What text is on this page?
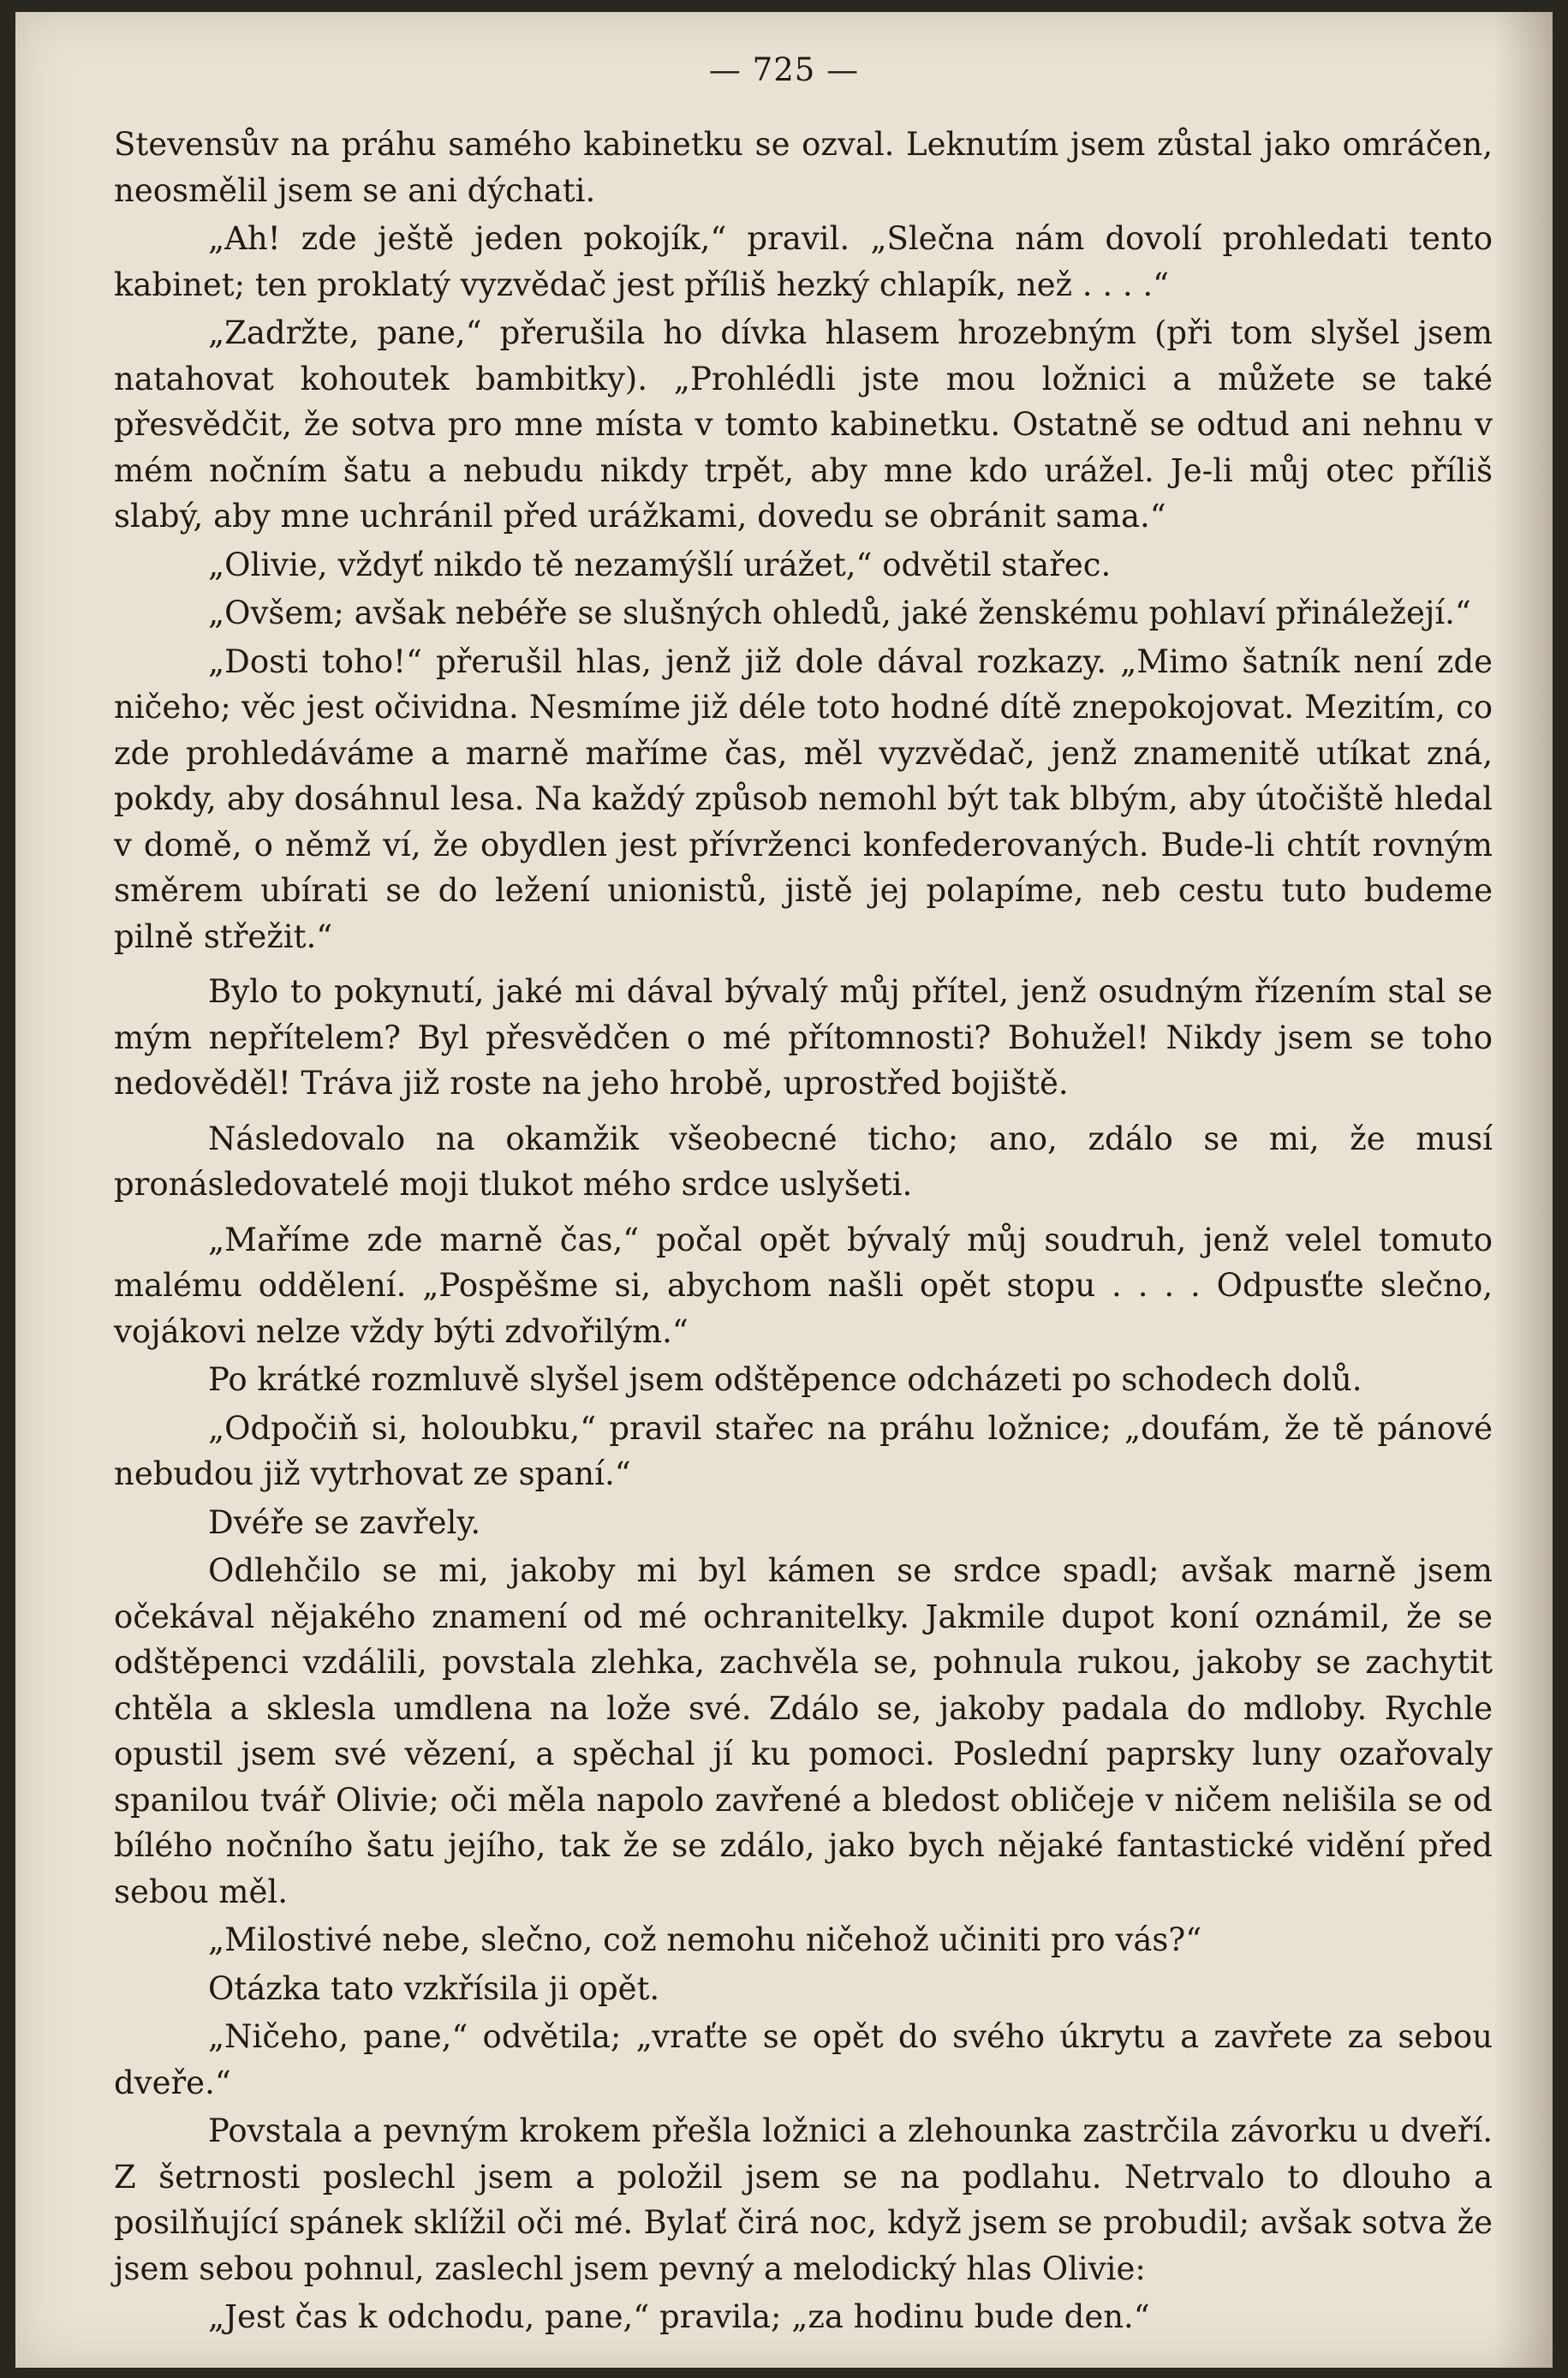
— 725 —

Stevensův na práhu samého kabinetku se ozval. Leknutím jsem zůstal jako omráčen, neosmělil jsem se ani dýchati.

„Ah! zde ještě jeden pokojík,“ pravil. „Slečna nám dovolí prohledati tento kabinet; ten proklatý vyzvědač jest příliš hezký chlapík, než . . . .“

„Zadržte, pane,“ přerušila ho dívka hlasem hrozebným (při tom slyšel jsem natahovat kohoutek bambitky). „Prohlédli jste mou ložnici a můžete se také přesvědčit, že sotva pro mne místa v tomto kabinetku. Ostatně se odtud ani nehnu v mém nočním šatu a nebudu nikdy trpět, aby mne kdo urážel. Je-li můj otec příliš slabý, aby mne uchránil před urážkami, dovedu se obránit sama.“

„Olivie, vždyť nikdo tě nezamýšlí urážet,“ odvětil stařec.

„Ovšem; avšak nebéře se slušných ohledů, jaké ženskému pohlaví přináležejí.“

„Dosti toho!“ přerušil hlas, jenž již dole dával rozkazy. „Mimo šatník není zde ničeho; věc jest očividna. Nesmíme již déle toto hodné dítě znepokojovat. Mezitím, co zde prohledáváme a marně maříme čas, měl vyzvědač, jenž znamenitě utíkat zná, pokdy, aby dosáhnul lesa. Na každý způsob nemohl být tak blbým, aby útočiště hledal v domě, o němž ví, že obydlen jest přívrženci konfederovaných. Bude-li chtít rovným směrem ubírati se do ležení unionistů, jistě jej polapíme, neb cestu tuto budeme pilně střežit.“

Bylo to pokynutí, jaké mi dával bývalý můj přítel, jenž osudným řízením stal se mým nepřítelem? Byl přesvědčen o mé přítomnosti? Bohužel! Nikdy jsem se toho nedověděl! Tráva již roste na jeho hrobě, uprostřed bojiště.

Následovalo na okamžik všeobecné ticho; ano, zdálo se mi, že musí pronásledovatelé moji tlukot mého srdce uslyšeti.

„Maříme zde marně čas,“ počal opět bývalý můj soudruh, jenž velel tomuto malému oddělení. „Pospěšme si, abychom našli opět stopu . . . . Odpusťte slečno, vojákovi nelze vždy býti zdvořilým.“

Po krátké rozmluvě slyšel jsem odštěpence odcházeti po schodech dolů.

„Odpočiň si, holoubku,“ pravil stařec na práhu ložnice; „doufám, že tě pánové nebudou již vytrhovat ze spaní.“

Dvéře se zavřely.

Odlehčilo se mi, jakoby mi byl kámen se srdce spadl; avšak marně jsem očekával nějakého znamení od mé ochranitelky. Jakmile dupot koní oznámil, že se odštěpenci vzdálili, povstala zlehka, zachvěla se, pohnula rukou, jakoby se zachytit chtěla a sklesla umdlena na lože své. Zdálo se, jakoby padala do mdloby. Rychle opustil jsem své vězení, a spěchal jí ku pomoci. Poslední paprsky luny ozařovaly spanilou tvář Olivie; oči měla napolo zavřené a bledost obličeje v ničem nelišila se od bílého nočního šatu jejího, tak že se zdálo, jako bych nějaké fantastické vidění před sebou měl.

„Milostivé nebe, slečno, což nemohu ničehož učiniti pro vás?“

Otázka tato vzkřísila ji opět.

„Ničeho, pane,“ odvětila; „vraťte se opět do svého úkrytu a zavřete za sebou dveře.“

Povstala a pevným krokem přešla ložnici a zlehounka zastrčila závorku u dveří. Z šetrnosti poslechl jsem a položil jsem se na podlahu. Netrvalo to dlouho a posilňující spánek sklížil oči mé. Bylať čirá noc, když jsem se probudil; avšak sotva že jsem sebou pohnul, zaslechl jsem pevný a melodický hlas Olivie:

„Jest čas k odchodu, pane,“ pravila; „za hodinu bude den.“
